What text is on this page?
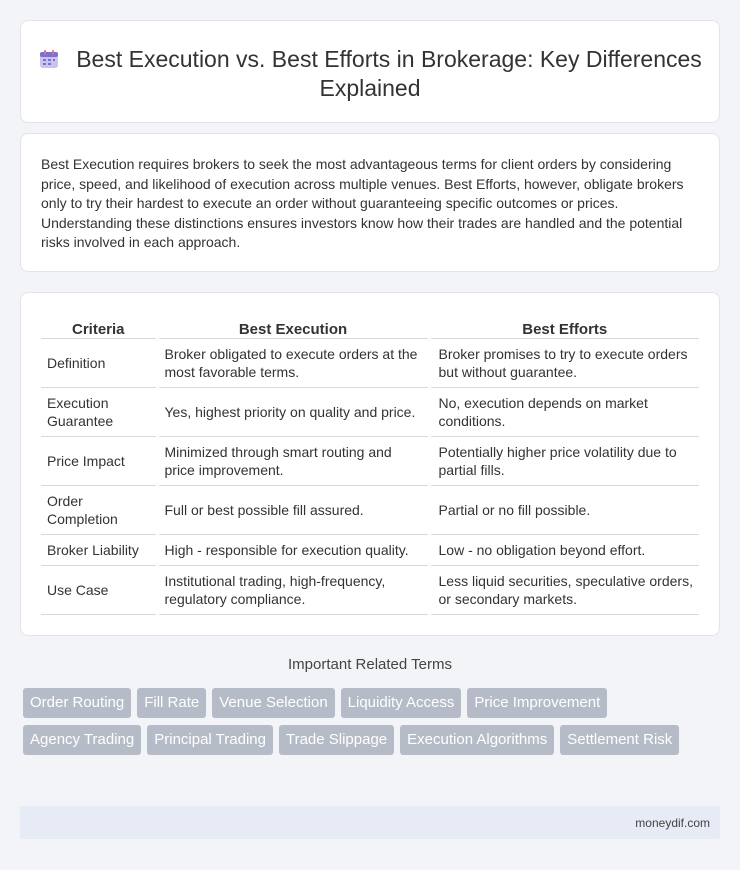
Best Execution vs. Best Efforts in Brokerage: Key Differences Explained

Best Execution requires brokers to seek the most advantageous terms for client orders by considering price, speed, and likelihood of execution across multiple venues. Best Efforts, however, obligate brokers only to try their hardest to execute an order without guaranteeing specific outcomes or prices. Understanding these distinctions ensures investors know how their trades are handled and the potential risks involved in each approach.

Criteria	Best Execution	Best Efforts
Definition	Broker obligated to execute orders at the most favorable terms.	Broker promises to try to execute orders but without guarantee.
Execution Guarantee	Yes, highest priority on quality and price.	No, execution depends on market conditions.
Price Impact	Minimized through smart routing and price improvement.	Potentially higher price volatility due to partial fills.
Order Completion	Full or best possible fill assured.	Partial or no fill possible.
Broker Liability	High - responsible for execution quality.	Low - no obligation beyond effort.
Use Case	Institutional trading, high-frequency, regulatory compliance.	Less liquid securities, speculative orders, or secondary markets.
Important Related Terms
Order Routing	Fill Rate	Venue Selection	Liquidity Access	Price Improvement
Agency Trading	Principal Trading	Trade Slippage	Execution Algorithms	Settlement Risk
moneydif.com
